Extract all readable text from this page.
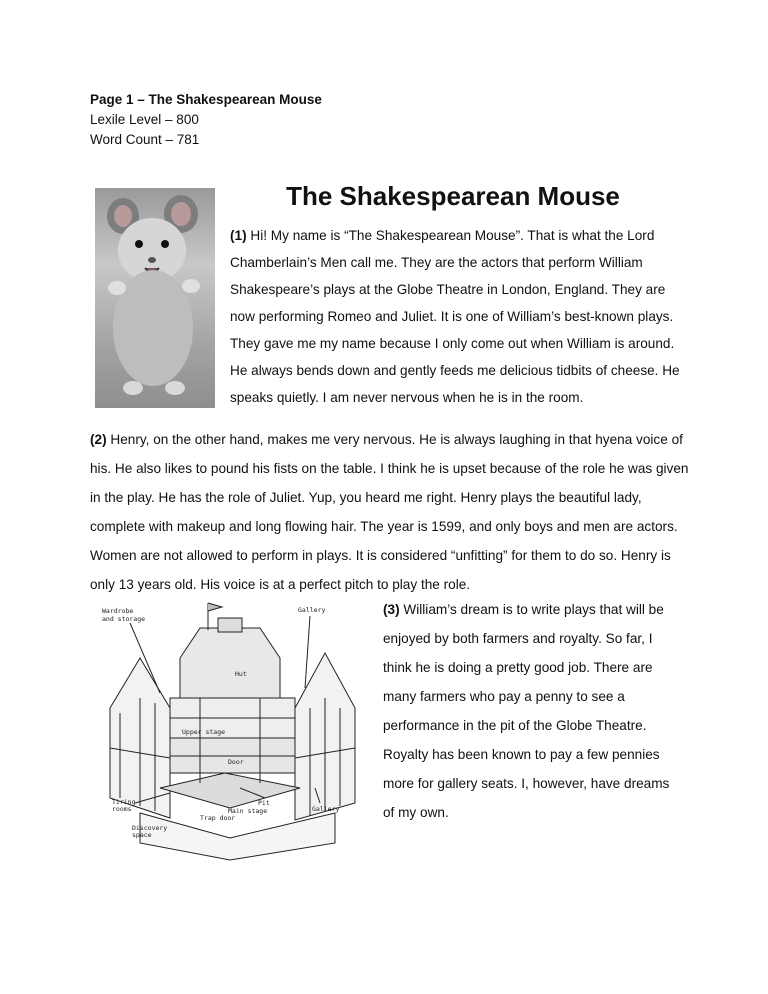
Page 1 – The Shakespearean Mouse
Lexile Level – 800
Word Count – 781
The Shakespearean Mouse

(1) Hi! My name is “The Shakespearean Mouse”. That is what the Lord Chamberlain’s Men call me. They are the actors that perform William Shakespeare’s plays at the Globe Theatre in London, England. They are now performing Romeo and Juliet. It is one of William’s best-known plays. They gave me my name because I only come out when William is around. He always bends down and gently feeds me delicious tidbits of cheese. He speaks quietly. I am never nervous when he is in the room.

(2) Henry, on the other hand, makes me very nervous. He is always laughing in that hyena voice of his. He also likes to pound his fists on the table. I think he is upset because of the role he was given in the play. He has the role of Juliet. Yup, you heard me right. Henry plays the beautiful lady, complete with makeup and long flowing hair. The year is 1599, and only boys and men are actors. Women are not allowed to perform in plays. It is considered “unfitting” for them to do so. Henry is only 13 years old. His voice is at a perfect pitch to play the role.

Wardrobe
and storage
Gallery
Hut
Upper stage
Door
Tiring
rooms
Pit
Main stage	Gallery
Discovery
space
Trap door

(3) William’s dream is to write plays that will be enjoyed by both farmers and royalty. So far, I think he is doing a pretty good job. There are many farmers who pay a penny to see a performance in the pit of the Globe Theatre. Royalty has been known to pay a few pennies more for gallery seats. I, however, have dreams of my own.
